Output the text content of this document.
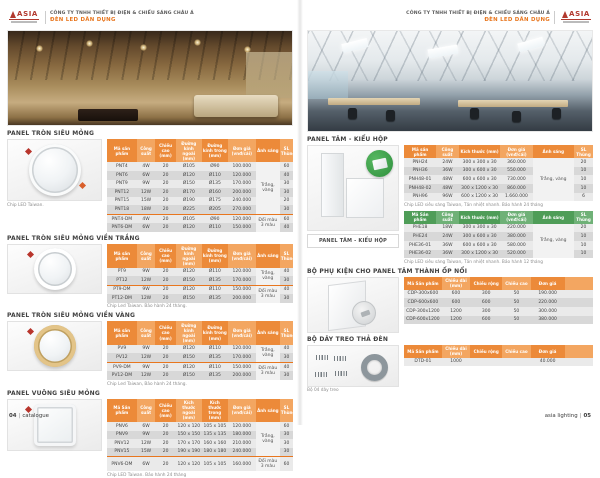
ASIA	CÔNG TY TNHH THIẾT BỊ ĐIỆN & CHIẾU SÁNG CHÂU Á
ĐÈN LED DÂN DỤNG
PANEL TRÒN SIÊU MỎNG
Chip LED Taiwan.
Mã sản phẩm	Công suất	Chiều cao (mm)	Đường kính ngoài (mm)	Đường kính trong (mm)	Đơn giá (vnđ/cái)	Ánh sáng	SL Thùng
PNT4	4W	20	Ø105	Ø90	100.000	Trắng, vàng	60
PNT6	6W	20	Ø120	Ø110	120.000		40
PNT9	9W	20	Ø150	Ø135	170.000		30
PNT12	12W	20	Ø170	Ø160	200.000		30
PNT15	15W	20	Ø190	Ø175	240.000		20
PNT18	18W	20	Ø225	Ø205	270.000		30
PNT4-DM	4W	20	Ø105	Ø90	120.000	Đổi màu 3 màu	60
PNT6-DM	6W	20	Ø120	Ø110	150.000		40
PANEL TRÒN SIÊU MỎNG VIỀN TRẮNG
Mã sản phẩm	Công suất	Chiều cao (mm)	Đường kính ngoài (mm)	Đường kính trong (mm)	Đơn giá (vnđ/cái)	Ánh sáng	SL Thùng
PT9	9W	20	Ø120	Ø110	120.000	Trắng, vàng	40
PT12	12W	20	Ø150	Ø135	170.000		30
PT9-DM	9W	20	Ø120	Ø110	150.000	Đổi màu 3 màu	40
PT12-DM	12W	20	Ø150	Ø135	200.000		30
Chip Led Taiwan. Bảo hành 24 tháng.
PANEL TRÒN SIÊU MỎNG VIỀN VÀNG
Mã sản phẩm	Công suất	Chiều cao (mm)	Đường kính ngoài (mm)	Đường kính trong (mm)	Đơn giá (vnđ/cái)	Ánh sáng	SL Thùng
PV9	9W	20	Ø120	Ø110	120.000	Trắng, vàng	40
PV12	12W	20	Ø150	Ø135	170.000		30
PV9-DM	9W	20	Ø120	Ø110	150.000	Đổi màu 3 màu	40
PV12-DM	12W	20	Ø150	Ø135	200.000		30
Chip Led Taiwan, Bảo hành 24 tháng.
PANEL VUÔNG SIÊU MỎNG
Mã Sản phẩm	Công suất	Chiều cao (mm)	Kích thước ngoài (mm)	Kích thước trong (mm)	Đơn giá (vnđ/cái)	Ánh sáng	SL Thùng
PNV6	6W	20	120 x 120	105 x 105	120.000	Trắng, vàng	60
PNV9	9W	20	150 x 150	135 x 135	180.000		30
PNV12	12W	20	170 x 170	160 x 160	210.000		30
PNV15	15W	20	190 x 190	180 x 180	240.000		30
PNV6-DM	6W	20	120 x 120	105 x 105	160.000	Đổi màu 3 màu	60
Chip LED Taiwan. Bảo hành 24 tháng
04 | catalogue
ASIA
CÔNG TY TNHH THIẾT BỊ ĐIỆN & CHIẾU SÁNG CHÂU Á
ĐÈN LED DÂN DỤNG
PANEL TÂM - KIỂU HỘP
PANEL TÂM - KIỂU HỘP
Mã sản phẩm	Công suất	Kích thước (mm)	Đơn giá (vnđ/cái)	Ánh sáng	SL Thùng
PNH24	24W	300 x 300 x 30	360.000	Trắng, vàng	20
PNH36	36W	300 x 600 x 30	550.000		10
PNH48-01	48W	600 x 600 x 30	730.000		10
PNH48-02	48W	300 x 1200 x 30	860.000		10
PNH96	96W	600 x 1200 x 30	1.660.000		6
Chip LED siêu sáng Taiwan, Tản nhiệt nhanh. Bảo hành 24 tháng
Mã Sản phẩm	Công suất	Kích thước (mm)	Đơn giá (vnđ/cái)	Ánh sáng	SL Thùng
PHE18	18W	300 x 300 x 30	220.000	Trắng, vàng	20
PHE24	24W	300 x 600 x 30	380.000		10
PHE36-01	36W	600 x 600 x 30	580.000		10
PHE36-02	36W	300 x 1200 x 30	520.000		10
Chip LED siêu sáng Taiwan, Tản nhiệt nhanh. Bảo hành 12 tháng
BỘ PHỤ KIỆN CHO PANEL TÂM THÀNH ỐP NỔI
Mã Sản phẩm	Chiều dài (mm)	Chiều rộng	Chiều cao	Đơn giá	
CDP-300x600	600	300	50	190.000	
CDP-600x600	600	600	50	220.000	
CDP-300x1200	1200	300	50	300.000	
CDP-600x1200	1200	600	50	380.000	
BỘ DÂY TREO THẢ ĐÈN
Bộ 04 dây treo
Mã Sản phẩm	Chiều dài (mm)	Chiều rộng	Chiều cao	Đơn giá	
DTD-01	1000			40.000	
asia lighting | 05
